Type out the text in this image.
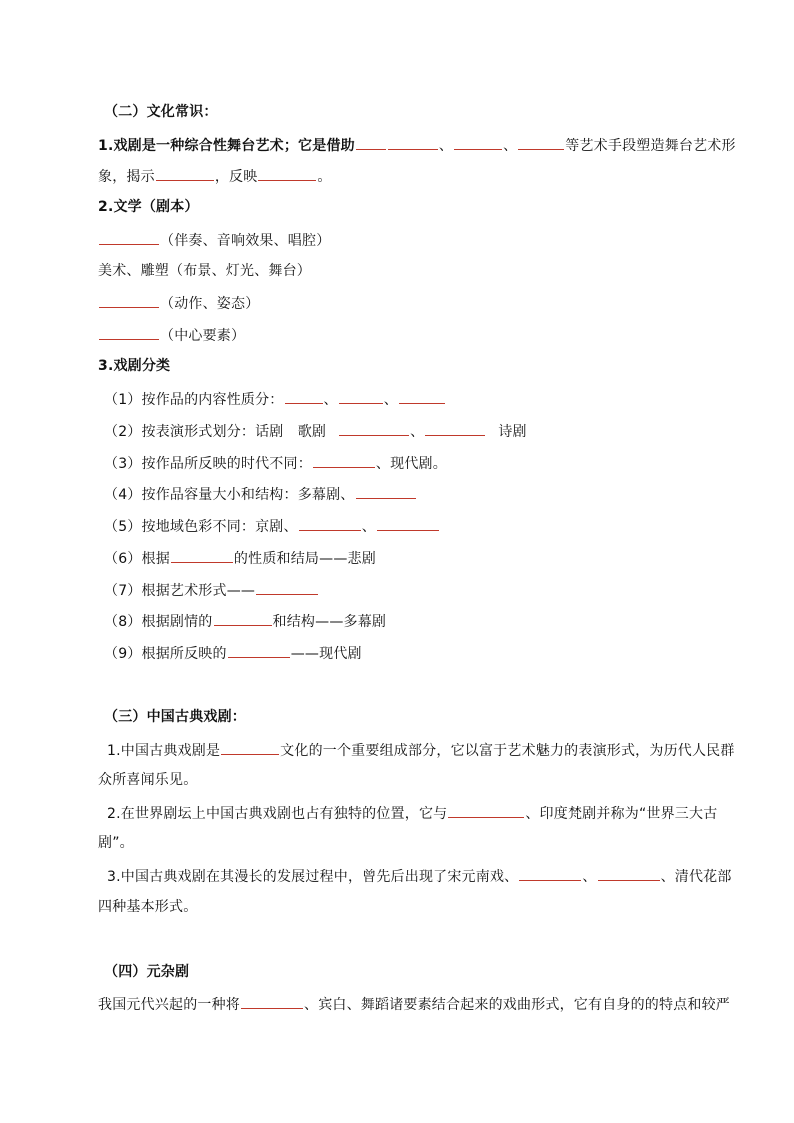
（二）文化常识：
1.戏剧是一种综合性舞台艺术；它是借助	、	、	等艺术手段塑造舞台艺术形
象，揭示	，反映	。
2.文学（剧本）
（伴奏、音响效果、唱腔）
美术、雕塑（布景、灯光、舞台）
（动作、姿态）
（中心要素）
3.戏剧分类
（1）按作品的内容性质分：	、	、
（2）按表演形式划分：话剧　歌剧	、	诗剧
（3）按作品所反映的时代不同：	、现代剧。
（4）按作品容量大小和结构：多幕剧、
（5）按地域色彩不同：京剧、	、
（6）根据	的性质和结局——悲剧
（7）根据艺术形式——
（8）根据剧情的	和结构——多幕剧
（9）根据所反映的	——现代剧
（三）中国古典戏剧：
1.中国古典戏剧是	文化的一个重要组成部分，它以富于艺术魅力的表演形式，为历代人民群
众所喜闻乐见。
2.在世界剧坛上中国古典戏剧也占有独特的位置，它与	、印度梵剧并称为“世界三大古
剧”。
3.中国古典戏剧在其漫长的发展过程中，曾先后出现了宋元南戏、	、	、清代花部
四种基本形式。
（四）元杂剧
我国元代兴起的一种将	、宾白、舞蹈诸要素结合起来的戏曲形式，它有自身的的特点和较严
